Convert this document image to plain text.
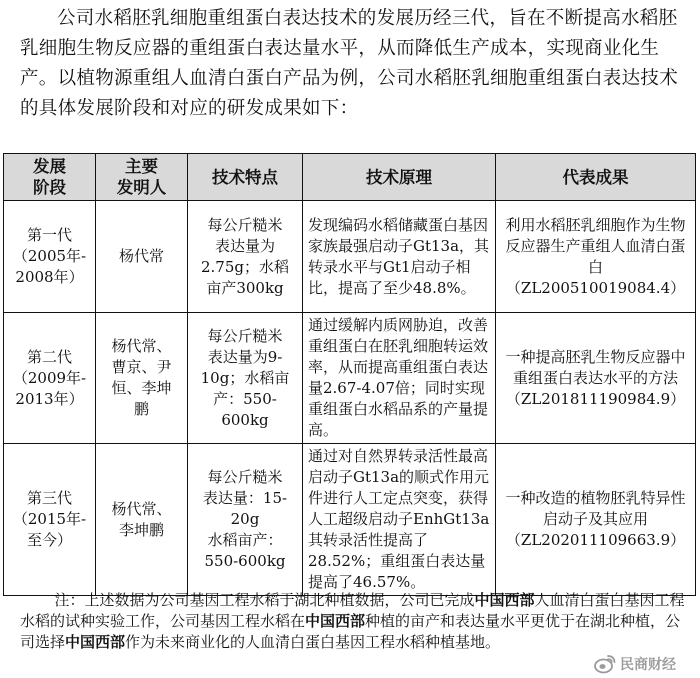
公司水稻胚乳细胞重组蛋白表达技术的发展历经三代，旨在不断提高水稻胚乳细胞生物反应器的重组蛋白表达量水平，从而降低生产成本，实现商业化生产。以植物源重组人血清白蛋白产品为例，公司水稻胚乳细胞重组蛋白表达技术的具体发展阶段和对应的研发成果如下：
发展
阶段	主要
发明人	技术特点	技术原理	代表成果
第一代
（2005年-
2008年）	杨代常	每公斤糙米
表达量为
2.75g；水稻
亩产300kg	发现编码水稻储藏蛋白基因家族最强启动子Gt13a，其转录水平与Gt1启动子相比，提高了至少48.8%。	利用水稻胚乳细胞作为生物反应器生产重组人血清白蛋白
（ZL200510019084.4）
第二代
（2009年-
2013年）	杨代常、
曹京、尹
恒、李坤
鹏	每公斤糙米
表达量为9-
10g；水稻亩
产：550-
600kg	通过缓解内质网胁迫，改善重组蛋白在胚乳细胞转运效率，从而提高重组蛋白表达量2.67-4.07倍；同时实现重组蛋白水稻品系的产量提高。	一种提高胚乳生物反应器中重组蛋白表达水平的方法
（ZL201811190984.9）
第三代
（2015年-
至今）	杨代常、
李坤鹏	每公斤糙米
表达量：15-
20g
水稻亩产：
550-600kg	通过对自然界转录活性最高启动子Gt13a的顺式作用元件进行人工定点突变，获得人工超级启动子EnhGt13a其转录活性提高了28.52%；重组蛋白表达量提高了46.57%。	一种改造的植物胚乳特异性启动子及其应用
（ZL202011109663.9）
注：上述数据为公司基因工程水稻于湖北种植数据，公司已完成中国西部人血清白蛋白基因工程水稻的试种实验工作，公司基因工程水稻在中国西部种植的亩产和表达量水平更优于在湖北种植，公司选择中国西部作为未来商业化的人血清白蛋白基因工程水稻种植基地。
民商财经
